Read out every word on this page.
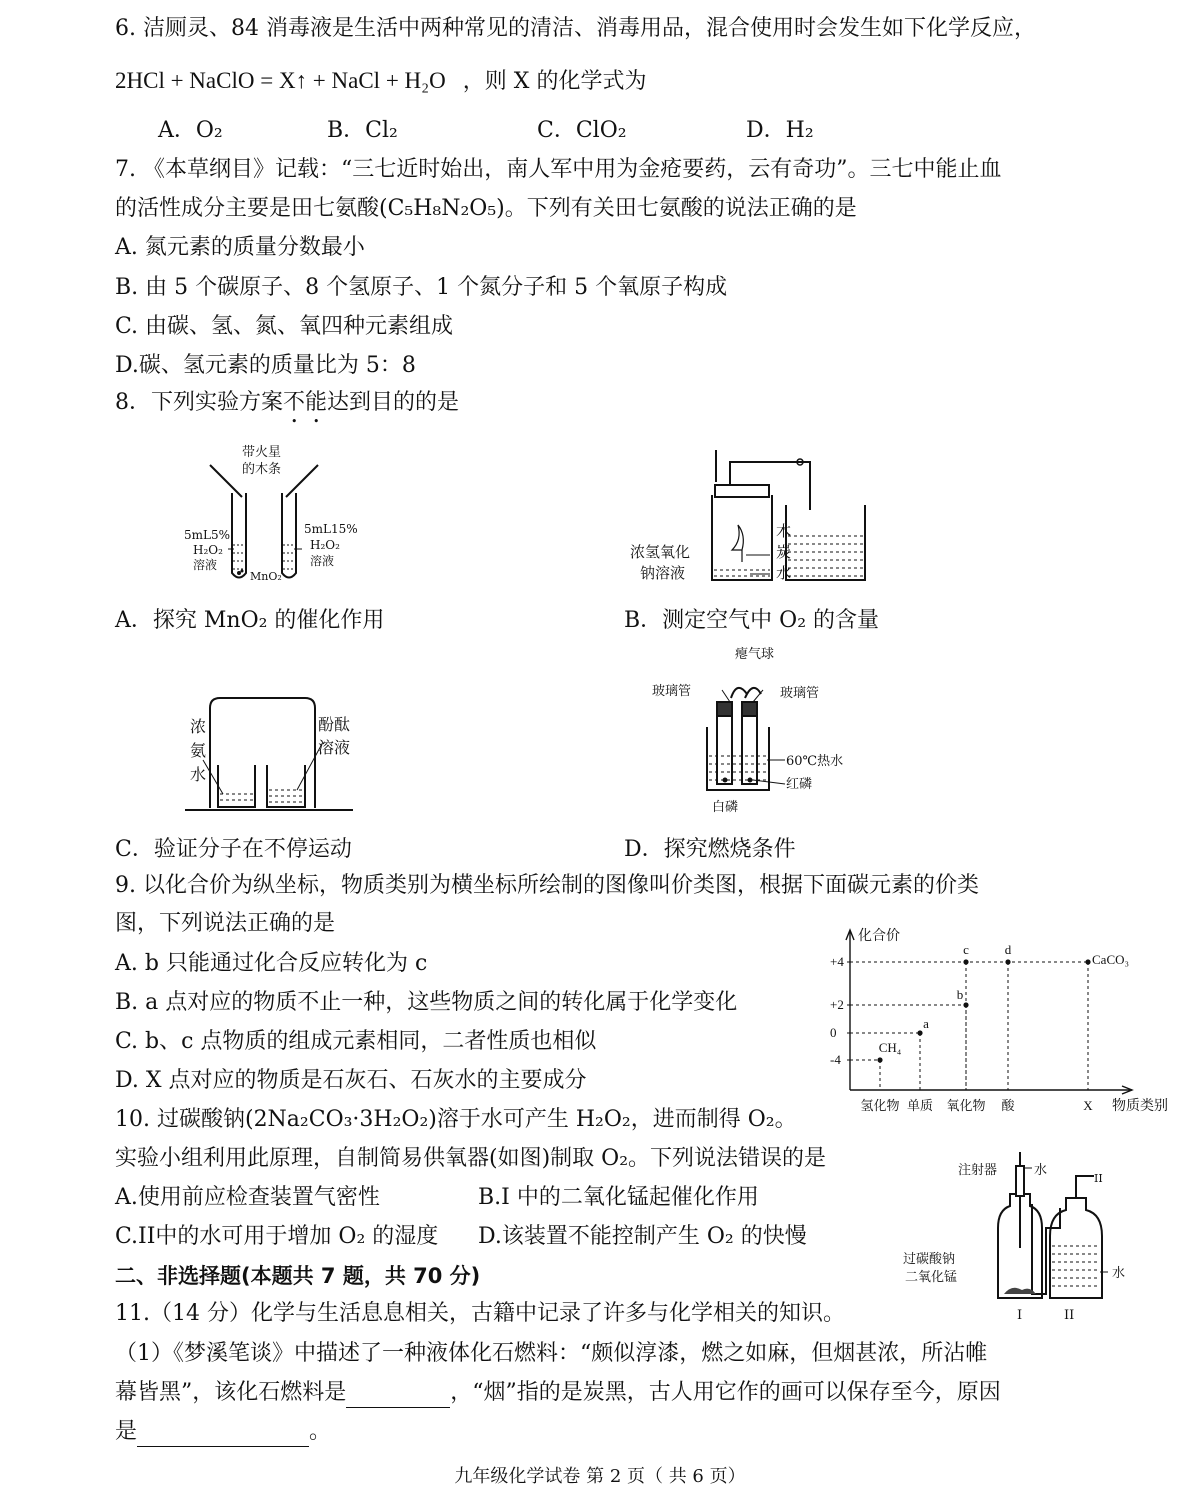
6. 洁厕灵、84 消毒液是生活中两种常见的清洁、消毒用品，混合使用时会发生如下化学反应，
2HCl + NaClO = X↑ + NaCl + H₂O ，则 X 的化学式为
A．O₂	B．Cl₂	C．ClO₂	D．H₂
7. 《本草纲目》记载：“三七近时始出，南人军中用为金疮要药，云有奇功”。三七中能止血
的活性成分主要是田七氨酸(C₅H₈N₂O₅)。下列有关田七氨酸的说法正确的是
A. 氮元素的质量分数最小
B. 由 5 个碳原子、8 个氢原子、1 个氮分子和 5 个氧原子构成
C. 由碳、氢、氮、氧四种元素组成
D.碳、氢元素的质量比为 5：8
8．下列实验方案不能达到目的的是
带火星
的木条
5mL5%
H₂O₂
溶液
5mL15%
H₂O₂
溶液
MnO₂
浓氢氧化
钠溶液
木
炭
水
A．探究 MnO₂ 的催化作用	B．测定空气中 O₂ 的含量
浓
氨
水
酚酞
溶液
瘪气球
玻璃管	玻璃管
60℃热水
红磷
白磷
C．验证分子在不停运动	D．探究燃烧条件
9. 以化合价为纵坐标，物质类别为横坐标所绘制的图像叫价类图，根据下面碳元素的价类
图，下列说法正确的是
A. b 只能通过化合反应转化为 c
B. a 点对应的物质不止一种，这些物质之间的转化属于化学变化
C. b、c 点物质的组成元素相同，二者性质也相似
D. X 点对应的物质是石灰石、石灰水的主要成分
+4
+2
0
-4
氢化物 单质 氧化物 酸	X
CH₄
a
b
c	d
CaCO₃
化合价
物质类别
10. 过碳酸钠(2Na₂CO₃·3H₂O₂)溶于水可产生 H₂O₂，进而制得 O₂。
实验小组利用此原理，自制简易供氧器(如图)制取 O₂。下列说法错误的是
A.使用前应检查装置气密性	B.I 中的二氧化锰起催化作用
C.II中的水可用于增加 O₂ 的湿度 D.该装置不能控制产生 O₂ 的快慢
注射器	水
II
过碳酸钠
二氧化锰	水
I	II
二、非选择题(本题共 7 题，共 70 分)
11.（14 分）化学与生活息息相关，古籍中记录了许多与化学相关的知识。
（1）《梦溪笔谈》中描述了一种液体化石燃料：“颇似淳漆，燃之如麻，但烟甚浓，所沾帷
幕皆黑”，该化石燃料是	，“烟”指的是炭黑，古人用它作的画可以保存至今，原因
是	。
九年级化学试卷 第 2 页（ 共 6 页）
